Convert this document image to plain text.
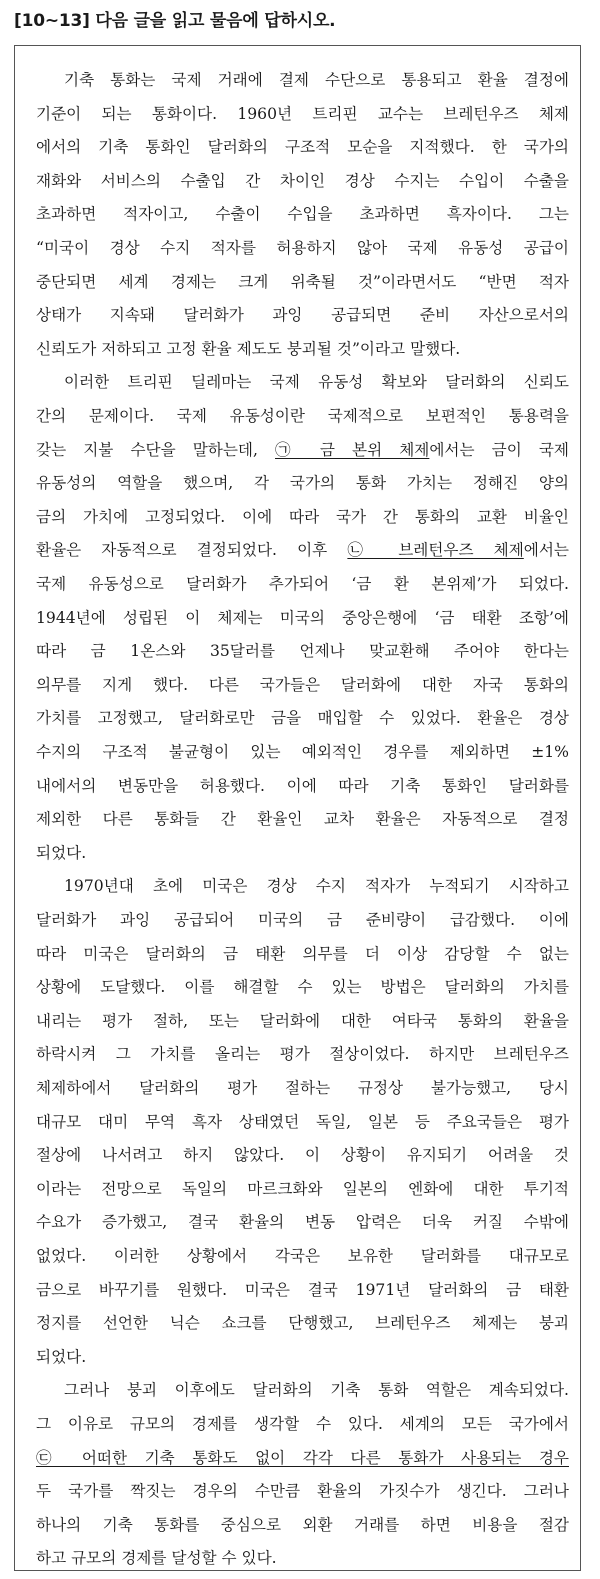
[10~13] 다음 글을 읽고 물음에 답하시오.
기축 통화는 국제 거래에 결제 수단으로 통용되고 환율 결정에
기준이 되는 통화이다. 1960년 트리핀 교수는 브레턴우즈 체제
에서의 기축 통화인 달러화의 구조적 모순을 지적했다. 한 국가의
재화와 서비스의 수출입 간 차이인 경상 수지는 수입이 수출을
초과하면 적자이고, 수출이 수입을 초과하면 흑자이다. 그는
“미국이 경상 수지 적자를 허용하지 않아 국제 유동성 공급이
중단되면 세계 경제는 크게 위축될 것”이라면서도 “반면 적자
상태가 지속돼 달러화가 과잉 공급되면 준비 자산으로서의
신뢰도가 저하되고 고정 환율 제도도 붕괴될 것”이라고 말했다.
이러한 트리핀 딜레마는 국제 유동성 확보와 달러화의 신뢰도
간의 문제이다. 국제 유동성이란 국제적으로 보편적인 통용력을
갖는 지불 수단을 말하는데, ㉠ 금 본위 체제에서는 금이 국제
유동성의 역할을 했으며, 각 국가의 통화 가치는 정해진 양의
금의 가치에 고정되었다. 이에 따라 국가 간 통화의 교환 비율인
환율은 자동적으로 결정되었다. 이후 ㉡ 브레턴우즈 체제에서는
국제 유동성으로 달러화가 추가되어 ‘금 환 본위제’가 되었다.
1944년에 성립된 이 체제는 미국의 중앙은행에 ‘금 태환 조항’에
따라 금 1온스와 35달러를 언제나 맞교환해 주어야 한다는
의무를 지게 했다. 다른 국가들은 달러화에 대한 자국 통화의
가치를 고정했고, 달러화로만 금을 매입할 수 있었다. 환율은 경상
수지의 구조적 불균형이 있는 예외적인 경우를 제외하면 ±1%
내에서의 변동만을 허용했다. 이에 따라 기축 통화인 달러화를
제외한 다른 통화들 간 환율인 교차 환율은 자동적으로 결정
되었다.
1970년대 초에 미국은 경상 수지 적자가 누적되기 시작하고
달러화가 과잉 공급되어 미국의 금 준비량이 급감했다. 이에
따라 미국은 달러화의 금 태환 의무를 더 이상 감당할 수 없는
상황에 도달했다. 이를 해결할 수 있는 방법은 달러화의 가치를
내리는 평가 절하, 또는 달러화에 대한 여타국 통화의 환율을
하락시켜 그 가치를 올리는 평가 절상이었다. 하지만 브레턴우즈
체제하에서 달러화의 평가 절하는 규정상 불가능했고, 당시
대규모 대미 무역 흑자 상태였던 독일, 일본 등 주요국들은 평가
절상에 나서려고 하지 않았다. 이 상황이 유지되기 어려울 것
이라는 전망으로 독일의 마르크화와 일본의 엔화에 대한 투기적
수요가 증가했고, 결국 환율의 변동 압력은 더욱 커질 수밖에
없었다. 이러한 상황에서 각국은 보유한 달러화를 대규모로
금으로 바꾸기를 원했다. 미국은 결국 1971년 달러화의 금 태환
정지를 선언한 닉슨 쇼크를 단행했고, 브레턴우즈 체제는 붕괴
되었다.
그러나 붕괴 이후에도 달러화의 기축 통화 역할은 계속되었다.
그 이유로 규모의 경제를 생각할 수 있다. 세계의 모든 국가에서
㉢ 어떠한 기축 통화도 없이 각각 다른 통화가 사용되는 경우
두 국가를 짝짓는 경우의 수만큼 환율의 가짓수가 생긴다. 그러나
하나의 기축 통화를 중심으로 외환 거래를 하면 비용을 절감
하고 규모의 경제를 달성할 수 있다.
